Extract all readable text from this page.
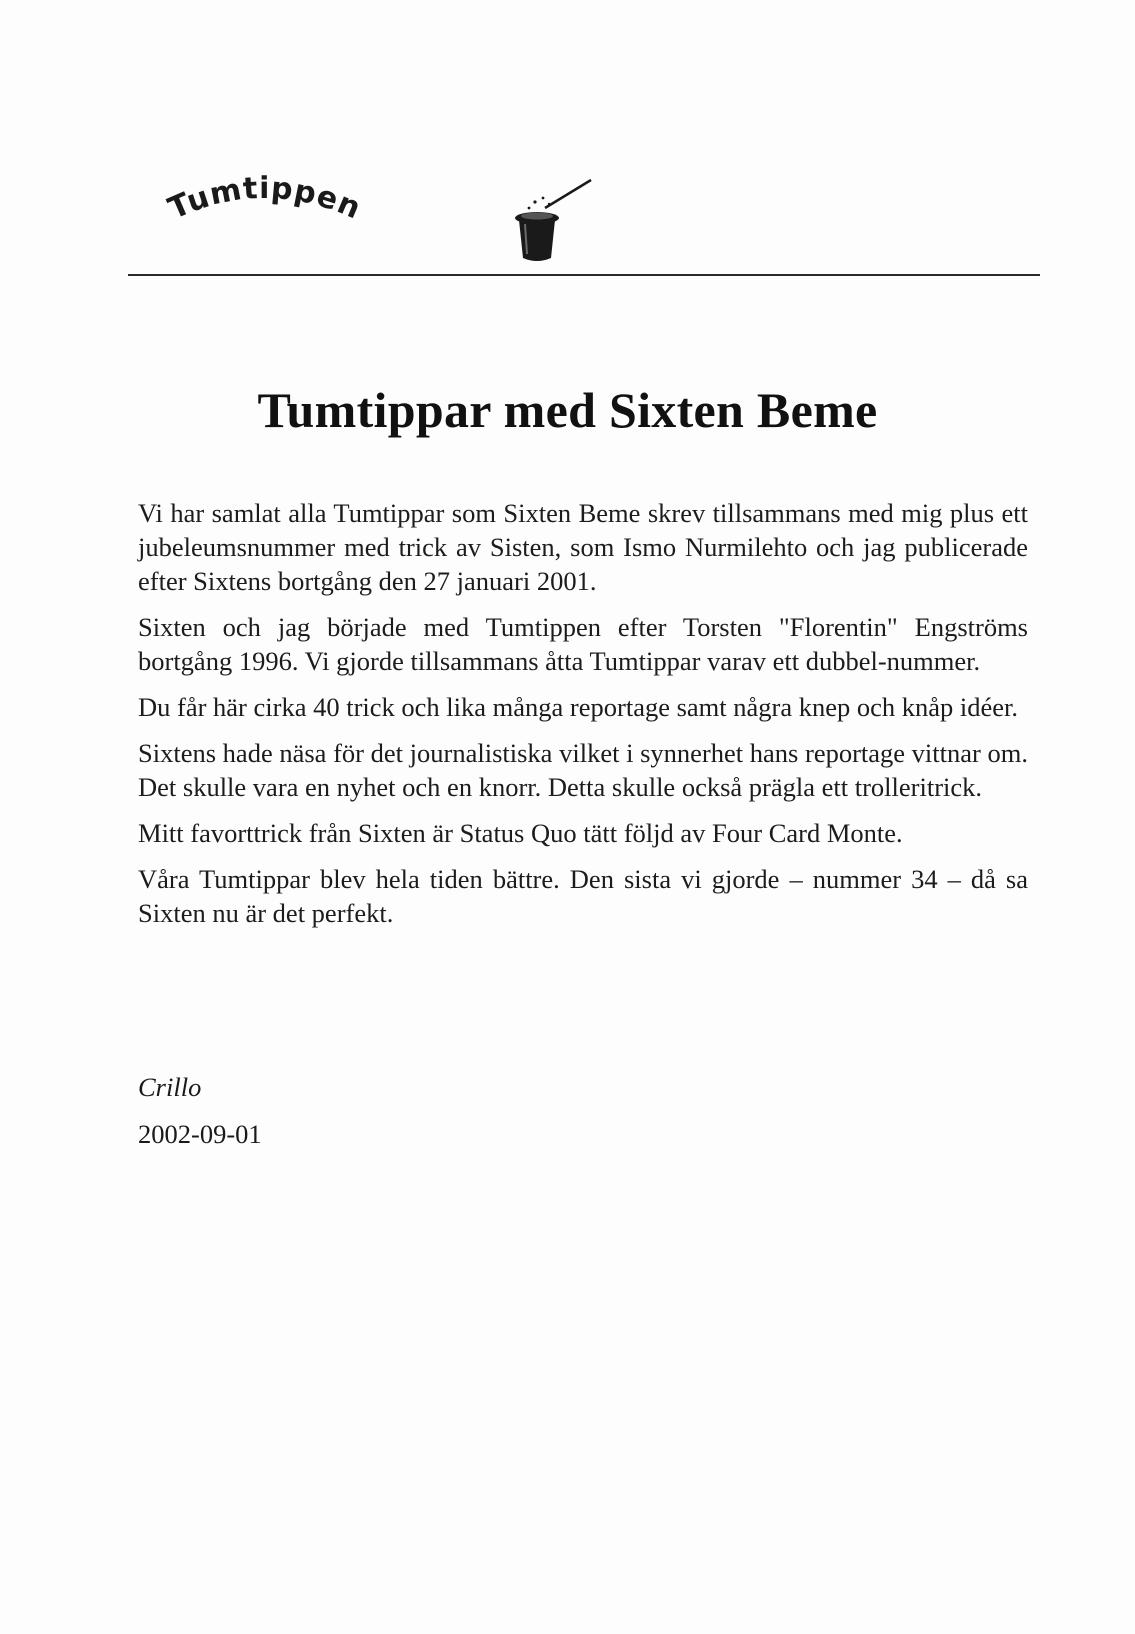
Tumtippen
Tumtippar med Sixten Beme

Vi har samlat alla Tumtippar som Sixten Beme skrev tillsammans med mig plus ett jubeleumsnummer med trick av Sisten, som Ismo Nurmilehto och jag publicerade efter Sixtens bortgång den 27 januari 2001.

Sixten och jag började med Tumtippen efter Torsten "Florentin" Engströms bortgång 1996. Vi gjorde tillsammans åtta Tumtippar varav ett dubbel-nummer.

Du får här cirka 40 trick och lika många reportage samt några knep och knåp idéer.

Sixtens hade näsa för det journalistiska vilket i synnerhet hans reportage vittnar om. Det skulle vara en nyhet och en knorr. Detta skulle också prägla ett trolleritrick.

Mitt favorttrick från Sixten är Status Quo tätt följd av Four Card Monte.

Våra Tumtippar blev hela tiden bättre. Den sista vi gjorde – nummer 34 – då sa Sixten nu är det perfekt.

Crillo
2002-09-01
